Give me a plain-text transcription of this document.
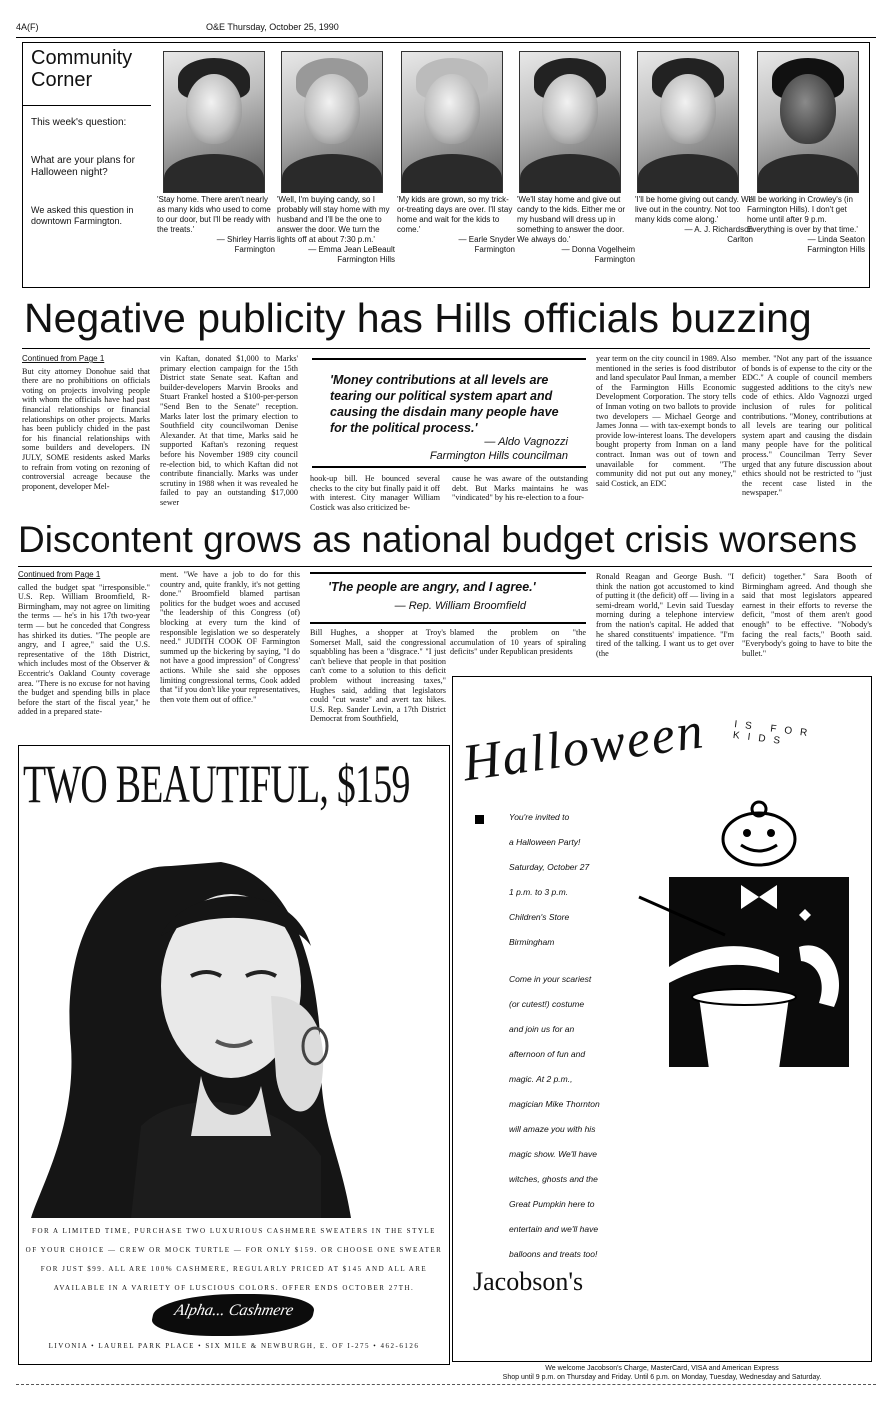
4A(F)	O&E Thursday, October 25, 1990
Community
Corner
This week's question:
What are your plans for Halloween night?
We asked this question in downtown Farmington.
'Stay home. There aren't nearly as many kids who used to come to our door, but I'll be ready with the treats.'
— Shirley Harris
Farmington
'Well, I'm buying candy, so I probably will stay home with my husband and I'll be the one to answer the door. We turn the lights off at about 7:30 p.m.'
— Emma Jean LeBeault
Farmington Hills
'My kids are grown, so my trick-or-treating days are over. I'll stay home and wait for the kids to come.'
— Earle Snyder
Farmington
'We'll stay home and give out candy to the kids. Either me or my husband will dress up in something to answer the door. We always do.'
— Donna Vogelheim
Farmington
'I'll be home giving out candy. We live out in the country. Not too many kids come along.'
— A. J. Richardson
Carlton
'I'll be working in Crowley's (in Farmington Hills). I don't get home until after 9 p.m. Everything is over by that time.'
— Linda Seaton
Farmington Hills
Negative publicity has Hills officials buzzing
Continued from Page 1
But city attorney Donohue said that there are no prohibitions on officials voting on projects involving people with whom the officials have had past financial relationships or financial relationships on other projects. Marks has been publicly chided in the past for his financial relationships with some builders and developers. IN JULY, SOME residents asked Marks to refrain from voting on rezoning of controversial acreage because the proponent, developer Mel-
vin Kaftan, donated $1,000 to Marks' primary election campaign for the 15th District state Senate seat. Kaftan and builder-developers Marvin Brooks and Stuart Frankel hosted a $100-per-person "Send Ben to the Senate" reception. Marks later lost the primary election to Southfield city councilwoman Denise Alexander. At that time, Marks said he supported Kaftan's rezoning request before his November 1989 city council re-election bid, to which Kaftan did not contribute financially. Marks was under scrutiny in 1988 when it was revealed he failed to pay an outstanding $17,000 sewer
'Money contributions at all levels are tearing our political system apart and causing the disdain many people have for the political process.'
— Aldo Vagnozzi
Farmington Hills councilman
hook-up bill. He bounced several checks to the city but finally paid it off with interest. City manager William Costick was also criticized be-
cause he was aware of the outstanding debt. But Marks maintains he was "vindicated" by his re-election to a four-
year term on the city council in 1989. Also mentioned in the series is food distributor and land speculator Paul Inman, a member of the Farmington Hills Economic Development Corporation. The story tells of Inman voting on two ballots to provide two developers — Michael George and James Jonna — with tax-exempt bonds to provide low-interest loans. The developers bought property from Inman on a land contract. Inman was out of town and unavailable for comment. "The community did not put out any money," said Costick, an EDC
member. "Not any part of the issuance of bonds is of expense to the city or the EDC." A couple of council members suggested additions to the city's new code of ethics. Aldo Vagnozzi urged inclusion of rules for political contributions. "Money, contributions at all levels are tearing our political system apart and causing the disdain many people have for the political process." Councilman Terry Sever urged that any future discussion about ethics should not be restricted to "just the recent case listed in the newspaper."
Discontent grows as national budget crisis worsens
Continued from Page 1
called the budget spat "irresponsible." U.S. Rep. William Broomfield, R-Birmingham, may not agree on limiting the terms — he's in his 17th two-year term — but he conceded that Congress has shirked its duties. "The people are angry, and I agree," said the U.S. representative of the 18th District, which includes most of the Observer & Eccentric's Oakland County coverage area. "There is no excuse for not having the budget and spending bills in place before the start of the fiscal year," he added in a prepared state-
ment. "We have a job to do for this country and, quite frankly, it's not getting done." Broomfield blamed partisan politics for the budget woes and accused "the leadership of this Congress (of) blocking at every turn the kind of responsible legislation we so desperately need." JUDITH COOK OF Farmington summed up the bickering by saying, "I do not have a good impression" of Congress' actions. While she said she opposes limiting congressional terms, Cook added that "if you don't like your representatives, then vote them out of office."
'The people are angry, and I agree.'
— Rep. William Broomfield
Bill Hughes, a shopper at Troy's Somerset Mall, said the congressional squabbling has been a "disgrace." "I just can't believe that people in that position can't come to a solution to this deficit problem without increasing taxes," Hughes said, adding that legislators could "cut waste" and avert tax hikes. U.S. Rep. Sander Levin, a 17th District Democrat from Southfield,
blamed the problem on "the accumulation of 10 years of spiraling deficits" under Republican presidents
Ronald Reagan and George Bush. "I think the nation got accustomed to kind of putting it (the deficit) off — living in a semi-dream world," Levin said Tuesday morning during a telephone interview from the nation's capital. He added that he shared constituents' impatience. "I'm tired of the talking. I want us to get over (the
deficit) together." Sara Booth of Birmingham agreed. And though she said that most legislators appeared earnest in their efforts to reverse the deficit, "most of them aren't good enough" to be effective. "Nobody's facing the real facts," Booth said. "Everybody's going to have to bite the bullet."
TWO BEAUTIFUL, $159
FOR A LIMITED TIME, PURCHASE TWO LUXURIOUS CASHMERE SWEATERS IN THE STYLE OF YOUR CHOICE — CREW OR MOCK TURTLE — FOR ONLY $159. OR CHOOSE ONE SWEATER FOR JUST $99. ALL ARE 100% CASHMERE, REGULARLY PRICED AT $145 AND ALL ARE AVAILABLE IN A VARIETY OF LUSCIOUS COLORS. OFFER ENDS OCTOBER 27TH.
Alpha... Cashmere
LIVONIA • LAUREL PARK PLACE • SIX MILE & NEWBURGH, E. OF I-275 • 462-6126
Halloween	IS FOR KIDS
You're invited to
a Halloween Party!
Saturday, October 27
1 p.m. to 3 p.m.
Children's Store
Birmingham
Come in your scariest
(or cutest!) costume
and join us for an
afternoon of fun and
magic. At 2 p.m.,
magician Mike Thornton
will amaze you with his
magic show. We'll have
witches, ghosts and the
Great Pumpkin here to
entertain and we'll have
balloons and treats too!
Jacobson's
We welcome Jacobson's Charge, MasterCard, VISA and American Express
Shop until 9 p.m. on Thursday and Friday. Until 6 p.m. on Monday, Tuesday, Wednesday and Saturday.
